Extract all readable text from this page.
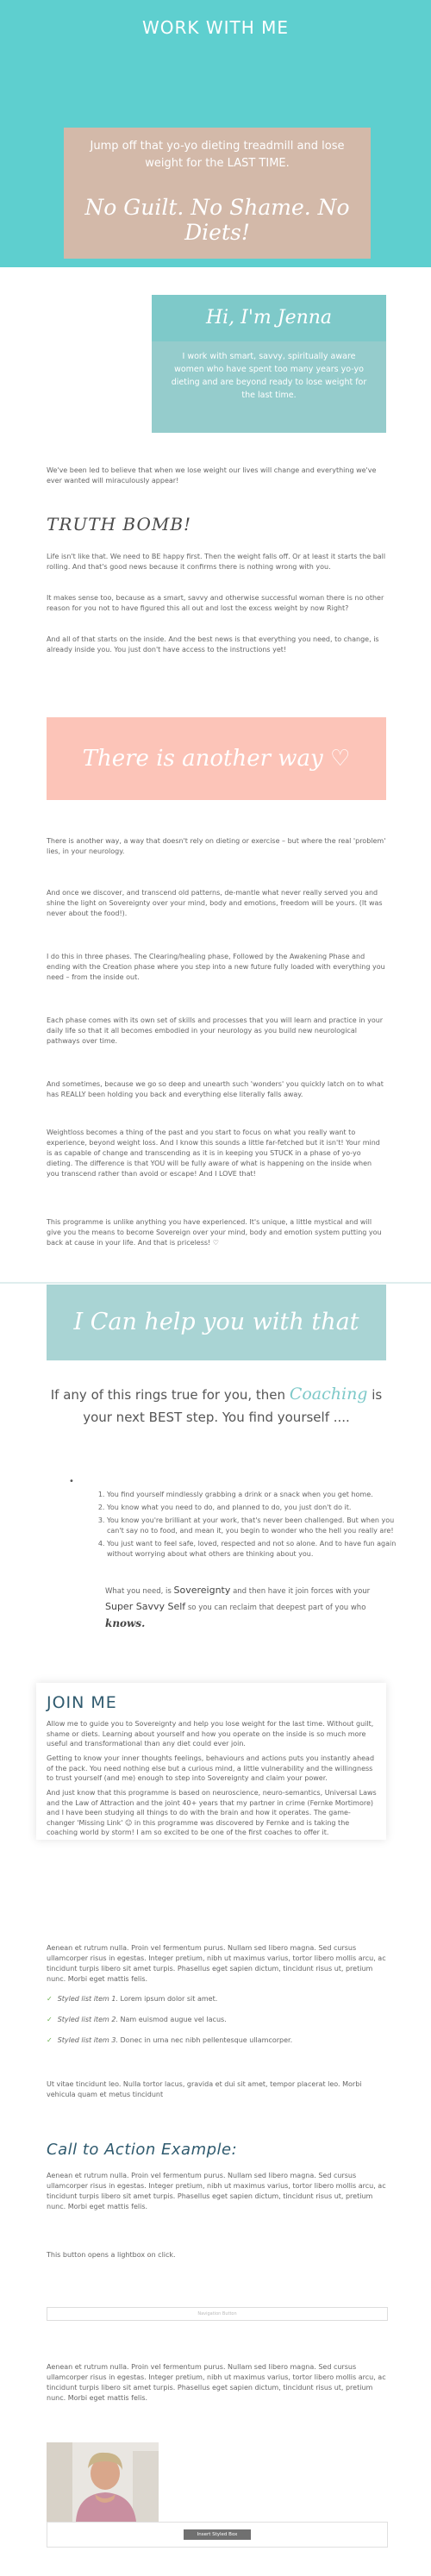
WORK WITH ME
Jump off that yo-yo dieting treadmill and lose weight for the LAST TIME.
No Guilt. No Shame. No Diets!
Hi, I'm Jenna
I work with smart, savvy, spiritually aware women who have spent too many years yo-yo dieting and are beyond ready to lose weight for the last time.

We've been led to believe that when we lose weight our lives will change and everything we've ever wanted will miraculously appear!

TRUTH BOMB!

Life isn't like that. We need to BE happy first. Then the weight falls off. Or at least it starts the ball rolling. And that's good news because it confirms there is nothing wrong with you.

It makes sense too, because as a smart, savvy and otherwise successful woman there is no other reason for you not to have figured this all out and lost the excess weight by now Right?

And all of that starts on the inside. And the best news is that everything you need, to change, is already inside you. You just don't have access to the instructions yet!

There is another way ♡

There is another way, a way that doesn't rely on dieting or exercise – but where the real 'problem' lies, in your neurology.

And once we discover, and transcend old patterns, de-mantle what never really served you and shine the light on Sovereignty over your mind, body and emotions, freedom will be yours. (It was never about the food!).

I do this in three phases. The Clearing/healing phase, Followed by the Awakening Phase and ending with the Creation phase where you step into a new future fully loaded with everything you need – from the inside out.

Each phase comes with its own set of skills and processes that you will learn and practice in your daily life so that it all becomes embodied in your neurology as you build new neurological pathways over time.

And sometimes, because we go so deep and unearth such 'wonders' you quickly latch on to what has REALLY been holding you back and everything else literally falls away.

Weightloss becomes a thing of the past and you start to focus on what you really want to experience, beyond weight loss. And I know this sounds a little far-fetched but it isn't! Your mind is as capable of change and transcending as it is in keeping you STUCK in a phase of yo-yo dieting. The difference is that YOU will be fully aware of what is happening on the inside when you transcend rather than avoid or escape! And I LOVE that!

This programme is unlike anything you have experienced. It's unique, a little mystical and will give you the means to become Sovereign over your mind, body and emotion system putting you back at cause in your life. And that is priceless! ♡

I Can help you with that
If any of this rings true for you, then Coaching is your next BEST step. You find yourself ....
•
1. You find yourself mindlessly grabbing a drink or a snack when you get home.
2. You know what you need to do, and planned to do, you just don't do it.
3. You know you're brilliant at your work, that's never been challenged. But when you can't say no to food, and mean it, you begin to wonder who the hell you really are!
4. You just want to feel safe, loved, respected and not so alone. And to have fun again without worrying about what others are thinking about you.
What you need, is Sovereignty and then have it join forces with your Super Savvy Self so you can reclaim that deepest part of you who knows.
JOIN ME

Allow me to guide you to Sovereignty and help you lose weight for the last time. Without guilt, shame or diets. Learning about yourself and how you operate on the inside is so much more useful and transformational than any diet could ever join.

Getting to know your inner thoughts feelings, behaviours and actions puts you instantly ahead of the pack. You need nothing else but a curious mind, a little vulnerability and the willingness to trust yourself (and me) enough to step into Sovereignty and claim your power.

And just know that this programme is based on neuroscience, neuro-semantics, Universal Laws and the Law of Attraction and the joint 40+ years that my partner in crime (Fernke Mortimore) and I have been studying all things to do with the brain and how it operates. The game-changer 'Missing Link' ☺ in this programme was discovered by Fernke and is taking the coaching world by storm! I am so excited to be one of the first coaches to offer it.

Aenean et rutrum nulla. Proin vel fermentum purus. Nullam sed libero magna. Sed cursus ullamcorper risus in egestas. Integer pretium, nibh ut maximus varius, tortor libero mollis arcu, ac tincidunt turpis libero sit amet turpis. Phasellus eget sapien dictum, tincidunt risus ut, pretium nunc. Morbi eget mattis felis.

✓ Styled list item 1. Lorem ipsum dolor sit amet.
✓ Styled list item 2. Nam euismod augue vel lacus.
✓ Styled list item 3. Donec in urna nec nibh pellentesque ullamcorper.

Ut vitae tincidunt leo. Nulla tortor lacus, gravida et dui sit amet, tempor placerat leo. Morbi vehicula quam et metus tincidunt

Call to Action Example:

Aenean et rutrum nulla. Proin vel fermentum purus. Nullam sed libero magna. Sed cursus ullamcorper risus in egestas. Integer pretium, nibh ut maximus varius, tortor libero mollis arcu, ac tincidunt turpis libero sit amet turpis. Phasellus eget sapien dictum, tincidunt risus ut, pretium nunc. Morbi eget mattis felis.

This button opens a lightbox on click.

Navigation Button

Aenean et rutrum nulla. Proin vel fermentum purus. Nullam sed libero magna. Sed cursus ullamcorper risus in egestas. Integer pretium, nibh ut maximus varius, tortor libero mollis arcu, ac tincidunt turpis libero sit amet turpis. Phasellus eget sapien dictum, tincidunt risus ut, pretium nunc. Morbi eget mattis felis.

Insert Styled Box
